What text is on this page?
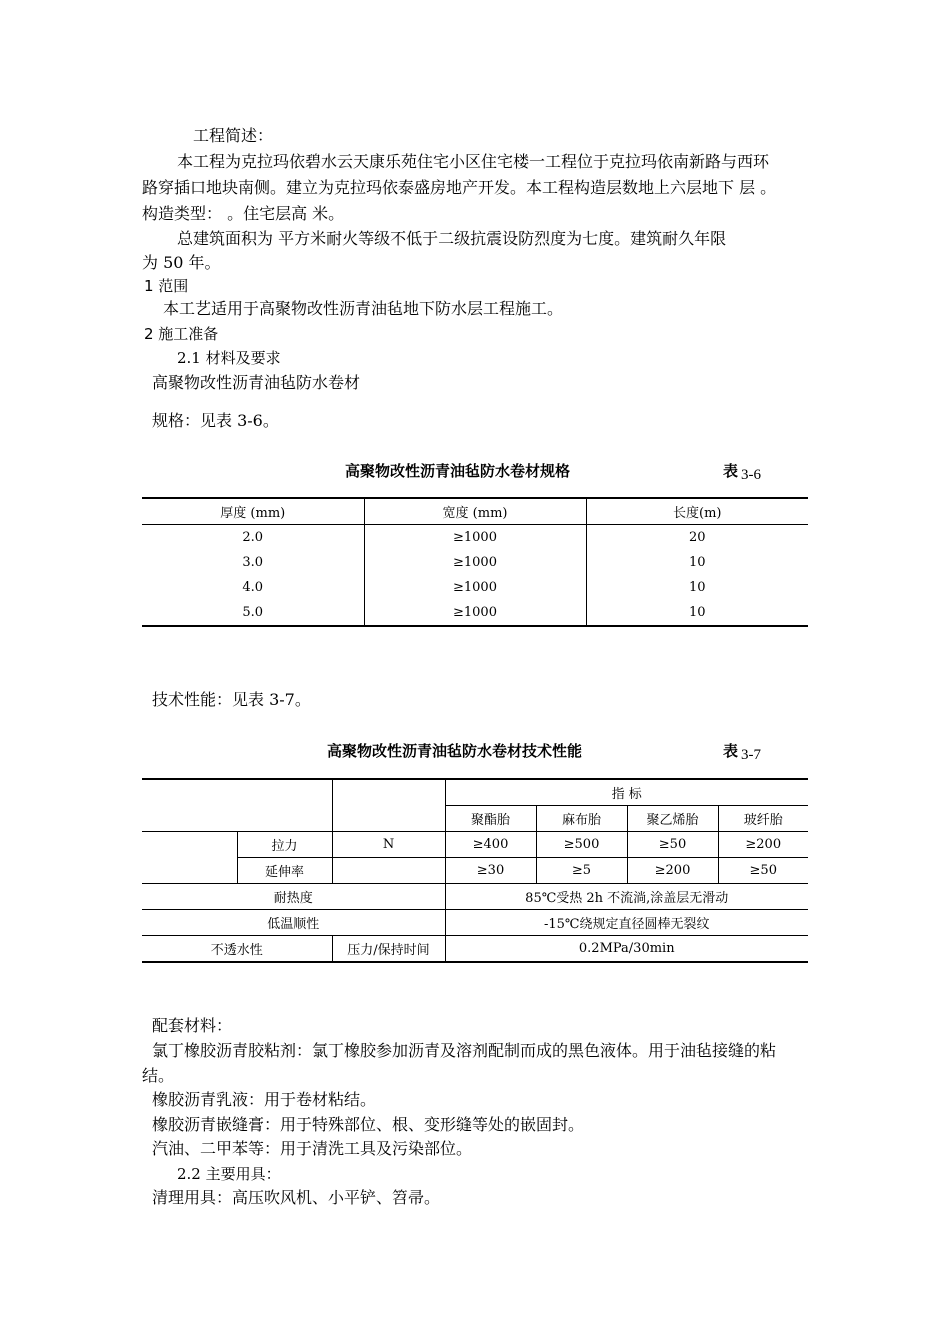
工程简述：
本工程为克拉玛依碧水云天康乐苑住宅小区住宅楼一工程位于克拉玛依南新路与西环
路穿插口地块南侧。建立为克拉玛依泰盛房地产开发。本工程构造层数地上六层地下 层 。
构造类型： 。住宅层高 米。
总建筑面积为 平方米耐火等级不低于二级抗震设防烈度为七度。建筑耐久年限
为 50 年。
1 范围
本工艺适用于高聚物改性沥青油毡地下防水层工程施工。
2 施工准备
2.1 材料及要求
高聚物改性沥青油毡防水卷材
规格：见表 3-6。
高聚物改性沥青油毡防水卷材规格	表 3-6
厚度 (mm)	宽度 (mm)	长度(m)
2.0	≥1000	20
3.0	≥1000	10
4.0	≥1000	10
5.0	≥1000	10
技术性能：见表 3-7。
高聚物改性沥青油毡防水卷材技术性能	表 3-7
			指 标			
			聚酯胎	麻布胎	聚乙烯胎	玻纤胎
	拉力	N	≥400	≥500	≥50	≥200
	延伸率		≥30	≥5	≥200	≥50
耐热度			85℃受热 2h 不流淌,涂盖层无滑动			
低温顺性			-15℃绕规定直径圆棒无裂纹			
不透水性		压力/保持时间	0.2MPa/30min			
配套材料：
氯丁橡胶沥青胶粘剂：氯丁橡胶参加沥青及溶剂配制而成的黑色液体。用于油毡接缝的粘
结。
橡胶沥青乳液：用于卷材粘结。
橡胶沥青嵌缝膏：用于特殊部位、根、变形缝等处的嵌固封。
汽油、二甲苯等：用于清洗工具及污染部位。
2.2 主要用具：
清理用具：高压吹风机、小平铲、笤帚。
